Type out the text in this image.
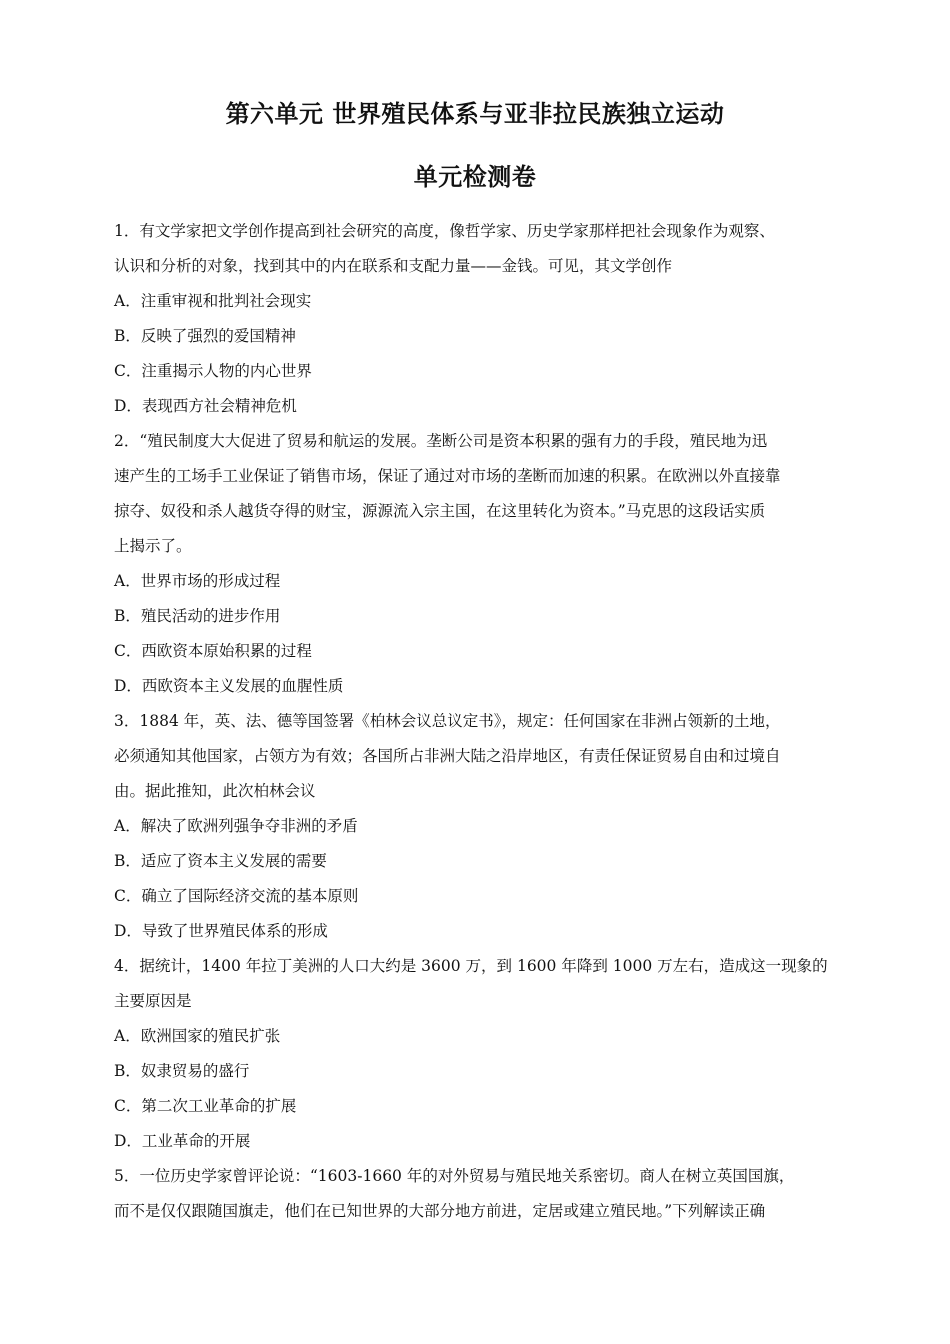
第六单元 世界殖民体系与亚非拉民族独立运动
单元检测卷

1．有文学家把文学创作提高到社会研究的高度，像哲学家、历史学家那样把社会现象作为观察、

认识和分析的对象，找到其中的内在联系和支配力量——金钱。可见，其文学创作

A．注重审视和批判社会现实

B．反映了强烈的爱国精神

C．注重揭示人物的内心世界

D．表现西方社会精神危机

2．“殖民制度大大促进了贸易和航运的发展。垄断公司是资本积累的强有力的手段，殖民地为迅

速产生的工场手工业保证了销售市场，保证了通过对市场的垄断而加速的积累。在欧洲以外直接靠

掠夺、奴役和杀人越货夺得的财宝，源源流入宗主国，在这里转化为资本。”马克思的这段话实质

上揭示了。

A．世界市场的形成过程

B．殖民活动的进步作用

C．西欧资本原始积累的过程

D．西欧资本主义发展的血腥性质

3．1884 年，英、法、德等国签署《柏林会议总议定书》，规定：任何国家在非洲占领新的土地，

必须通知其他国家，占领方为有效；各国所占非洲大陆之沿岸地区，有责任保证贸易自由和过境自

由。据此推知，此次柏林会议

A．解决了欧洲列强争夺非洲的矛盾

B．适应了资本主义发展的需要

C．确立了国际经济交流的基本原则

D．导致了世界殖民体系的形成

4．据统计，1400 年拉丁美洲的人口大约是 3600 万，到 1600 年降到 1000 万左右，造成这一现象的

主要原因是

A．欧洲国家的殖民扩张

B．奴隶贸易的盛行

C．第二次工业革命的扩展

D．工业革命的开展

5．一位历史学家曾评论说：“1603-1660 年的对外贸易与殖民地关系密切。商人在树立英国国旗，

而不是仅仅跟随国旗走，他们在已知世界的大部分地方前进，定居或建立殖民地。”下列解读正确
